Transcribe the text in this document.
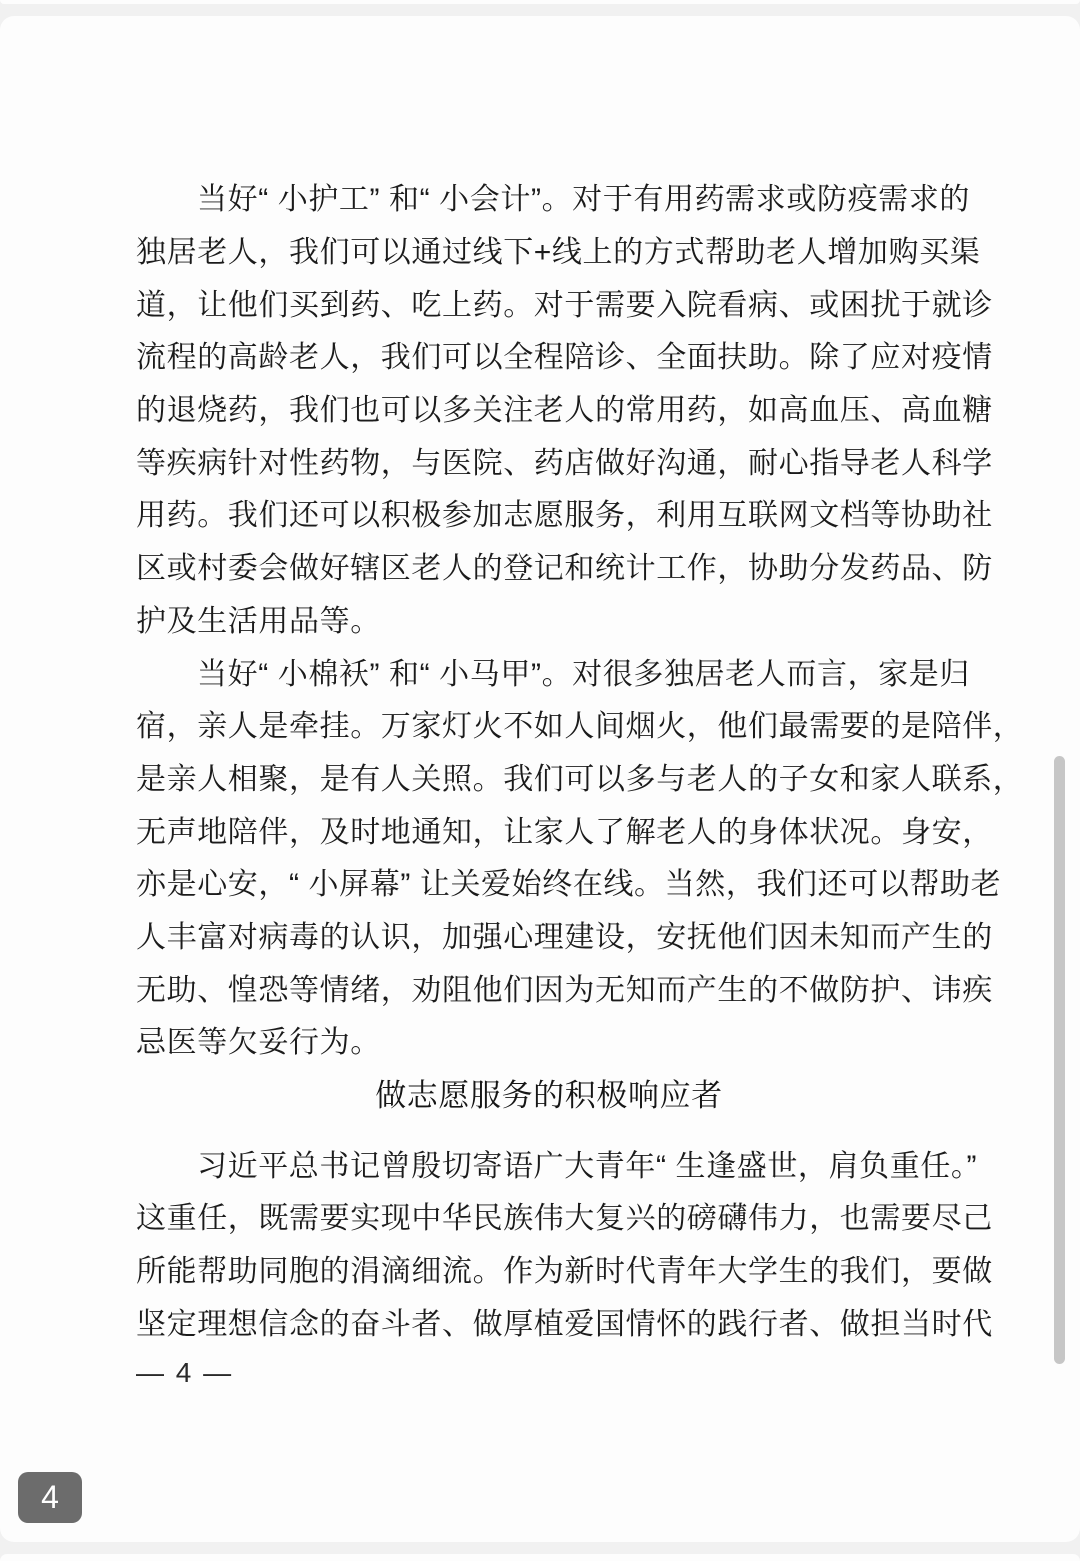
当好“ 小护工” 和“ 小会计”。对于有用药需求或防疫需求的
独居老人，我们可以通过线下+线上的方式帮助老人增加购买渠
道，让他们买到药、吃上药。对于需要入院看病、或困扰于就诊
流程的高龄老人，我们可以全程陪诊、全面扶助。除了应对疫情
的退烧药，我们也可以多关注老人的常用药，如高血压、高血糖
等疾病针对性药物，与医院、药店做好沟通，耐心指导老人科学
用药。我们还可以积极参加志愿服务，利用互联网文档等协助社
区或村委会做好辖区老人的登记和统计工作，协助分发药品、防
护及生活用品等。
当好“ 小棉袄” 和“ 小马甲”。对很多独居老人而言，家是归
宿，亲人是牵挂。万家灯火不如人间烟火，他们最需要的是陪伴，
是亲人相聚，是有人关照。我们可以多与老人的子女和家人联系，
无声地陪伴，及时地通知，让家人了解老人的身体状况。身安，
亦是心安，“ 小屏幕” 让关爱始终在线。当然，我们还可以帮助老
人丰富对病毒的认识，加强心理建设，安抚他们因未知而产生的
无助、惶恐等情绪，劝阻他们因为无知而产生的不做防护、讳疾
忌医等欠妥行为。
做志愿服务的积极响应者
习近平总书记曾殷切寄语广大青年“ 生逢盛世，肩负重任。”
这重任，既需要实现中华民族伟大复兴的磅礴伟力，也需要尽己
所能帮助同胞的涓滴细流。作为新时代青年大学生的我们，要做
坚定理想信念的奋斗者、做厚植爱国情怀的践行者、做担当时代
— 4 —
4
